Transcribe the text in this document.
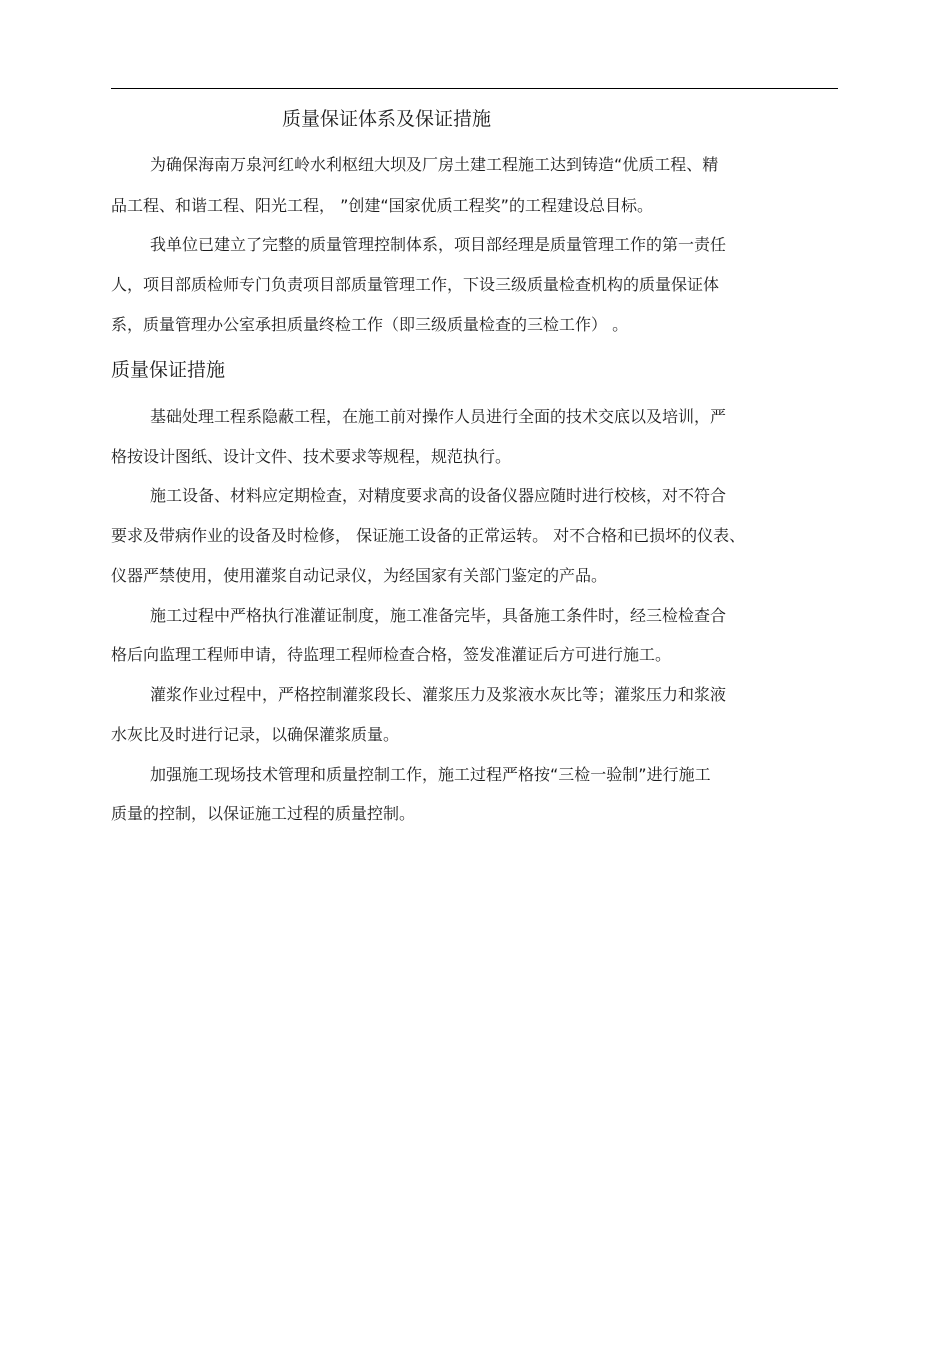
质量保证体系及保证措施
为确保海南万泉河红岭水利枢纽大坝及厂房土建工程施工达到铸造“优质工程、精
品工程、和谐工程、阳光工程， ”创建“国家优质工程奖”的工程建设总目标。
我单位已建立了完整的质量管理控制体系，项目部经理是质量管理工作的第一责任
人，项目部质检师专门负责项目部质量管理工作，下设三级质量检查机构的质量保证体
系，质量管理办公室承担质量终检工作（即三级质量检查的三检工作） 。
质量保证措施
基础处理工程系隐蔽工程，在施工前对操作人员进行全面的技术交底以及培训，严
格按设计图纸、设计文件、技术要求等规程，规范执行。
施工设备、材料应定期检查，对精度要求高的设备仪器应随时进行校核，对不符合
要求及带病作业的设备及时检修， 保证施工设备的正常运转。 对不合格和已损坏的仪表、
仪器严禁使用，使用灌浆自动记录仪，为经国家有关部门鉴定的产品。
施工过程中严格执行准灌证制度，施工准备完毕，具备施工条件时，经三检检查合
格后向监理工程师申请，待监理工程师检查合格，签发准灌证后方可进行施工。
灌浆作业过程中，严格控制灌浆段长、灌浆压力及浆液水灰比等；灌浆压力和浆液
水灰比及时进行记录，以确保灌浆质量。
加强施工现场技术管理和质量控制工作，施工过程严格按“三检一验制”进行施工
质量的控制，以保证施工过程的质量控制。
